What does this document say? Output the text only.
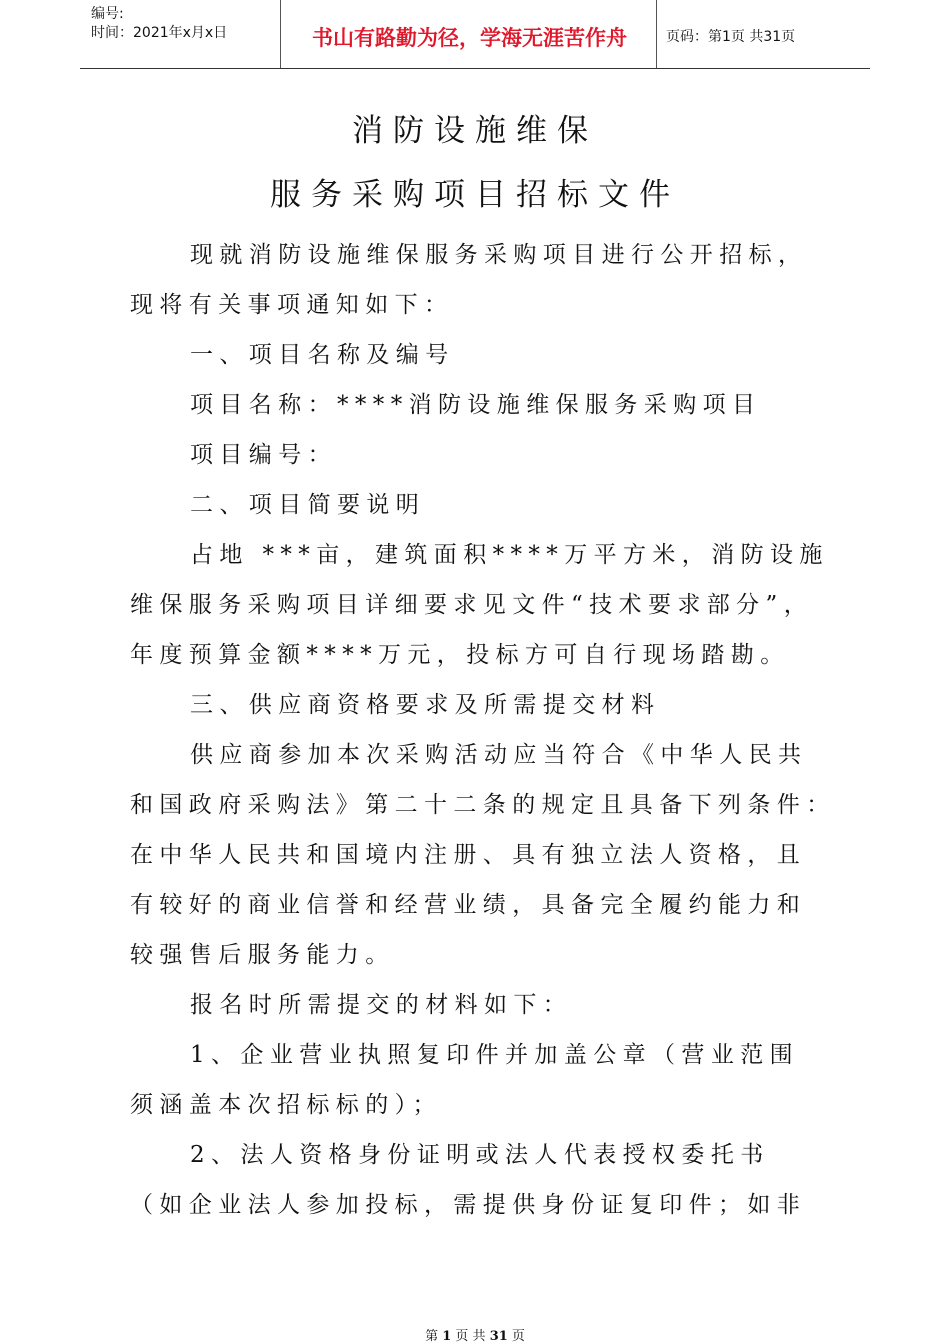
编号:
时间：2021年x月x日	书山有路勤为径，学海无涯苦作舟	页码：第1页 共31页
消防设施维保
服务采购项目招标文件
现就消防设施维保服务采购项目进行公开招标，
现将有关事项通知如下：
一、项目名称及编号
项目名称：****消防设施维保服务采购项目
项目编号：
二、项目简要说明
占地 ***亩，建筑面积****万平方米，消防设施
维保服务采购项目详细要求见文件“技术要求部分”，
年度预算金额****万元，投标方可自行现场踏勘。
三、供应商资格要求及所需提交材料
供应商参加本次采购活动应当符合《中华人民共
和国政府采购法》第二十二条的规定且具备下列条件：
在中华人民共和国境内注册、具有独立法人资格，且
有较好的商业信誉和经营业绩，具备完全履约能力和
较强售后服务能力。
报名时所需提交的材料如下：
1、企业营业执照复印件并加盖公章（营业范围
须涵盖本次招标标的）；
2、法人资格身份证明或法人代表授权委托书
（如企业法人参加投标，需提供身份证复印件；如非
第 1 页 共 31 页
